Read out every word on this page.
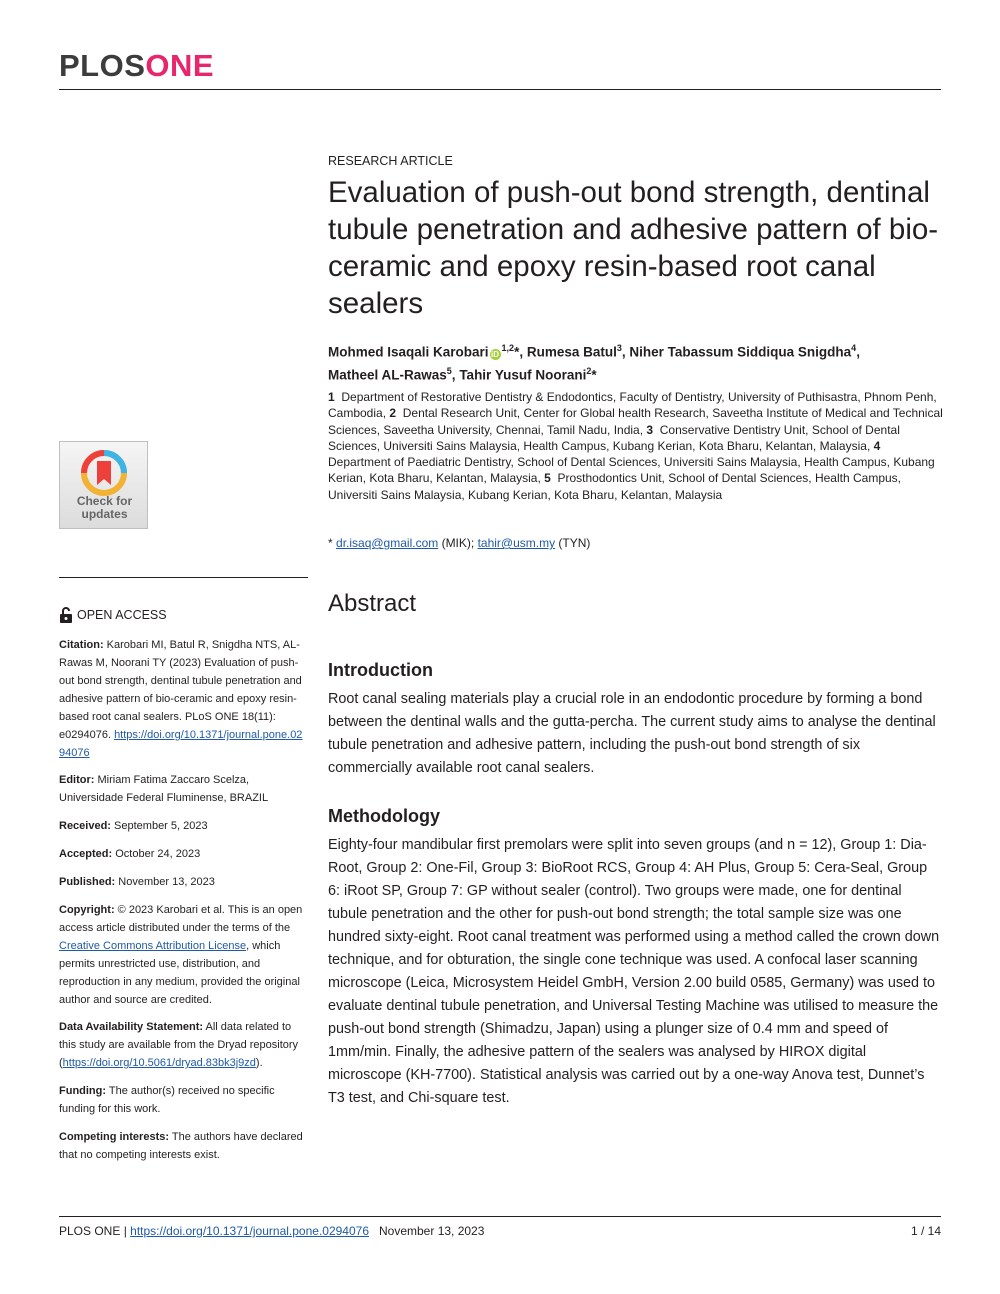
PLOSONE
RESEARCH ARTICLE
Evaluation of push-out bond strength, dentinal tubule penetration and adhesive pattern of bio-ceramic and epoxy resin-based root canal sealers
Mohmed Isaqali Karobari iD$^{1,2}$*, Rumesa Batul$^3$, Niher Tabassum Siddiqua Snigdha$^4$,
Matheel AL-Rawas$^5$, Tahir Yusuf Noorani$^2$*

1 Department of Restorative Dentistry & Endodontics, Faculty of Dentistry, University of Puthisastra, Phnom Penh, Cambodia, 2 Dental Research Unit, Center for Global health Research, Saveetha Institute of Medical and Technical Sciences, Saveetha University, Chennai, Tamil Nadu, India, 3 Conservative Dentistry Unit, School of Dental Sciences, Universiti Sains Malaysia, Health Campus, Kubang Kerian, Kota Bharu, Kelantan, Malaysia, 4  Department of Paediatric Dentistry, School of Dental Sciences, Universiti Sains Malaysia, Health Campus, Kubang Kerian, Kota Bharu, Kelantan, Malaysia, 5 Prosthodontics Unit, School of Dental Sciences, Health Campus, Universiti Sains Malaysia, Kubang Kerian, Kota Bharu, Kelantan, Malaysia

* dr.isaq@gmail.com (MIK); tahir@usm.my (TYN)
Abstract
Introduction

Root canal sealing materials play a crucial role in an endodontic procedure by forming a bond between the dentinal walls and the gutta-percha. The current study aims to analyse the dentinal tubule penetration and adhesive pattern, including the push-out bond strength of six commercially available root canal sealers.

Methodology

Eighty-four mandibular first premolars were split into seven groups (and n = 12), Group 1: Dia-Root, Group 2: One-Fil, Group 3: BioRoot RCS, Group 4: AH Plus, Group 5: Cera-Seal, Group 6: iRoot SP, Group 7: GP without sealer (control). Two groups were made, one for dentinal tubule penetration and the other for push-out bond strength; the total sample size was one hundred sixty-eight. Root canal treatment was performed using a method called the crown down technique, and for obturation, the single cone technique was used. A confocal laser scanning microscope (Leica, Microsystem Heidel GmbH, Version 2.00 build 0585, Germany) was used to evaluate dentinal tubule penetration, and Universal Testing Machine was utilised to measure the push-out bond strength (Shimadzu, Japan) using a plunger size of 0.4 mm and speed of 1mm/min. Finally, the adhesive pattern of the sealers was analysed by HIROX digital microscope (KH-7700). Statistical analysis was carried out by a one-way Anova test, Dunnet’s T3 test, and Chi-square test.

Check for
updates
OPEN ACCESS

Citation: Karobari MI, Batul R, Snigdha NTS, AL-Rawas M, Noorani TY (2023) Evaluation of push-out bond strength, dentinal tubule penetration and adhesive pattern of bio-ceramic and epoxy resin-based root canal sealers. PLoS ONE 18(11): e0294076. https://doi.org/10.1371/journal.pone.0294076

Editor: Miriam Fatima Zaccaro Scelza, Universidade Federal Fluminense, BRAZIL

Received: September 5, 2023

Accepted: October 24, 2023

Published: November 13, 2023

Copyright: © 2023 Karobari et al. This is an open access article distributed under the terms of the Creative Commons Attribution License, which permits unrestricted use, distribution, and reproduction in any medium, provided the original author and source are credited.

Data Availability Statement: All data related to this study are available from the Dryad repository (https://doi.org/10.5061/dryad.83bk3j9zd).

Funding: The author(s) received no specific funding for this work.

Competing interests: The authors have declared that no competing interests exist.

PLOS ONE | https://doi.org/10.1371/journal.pone.0294076 November 13, 2023	1 / 14
